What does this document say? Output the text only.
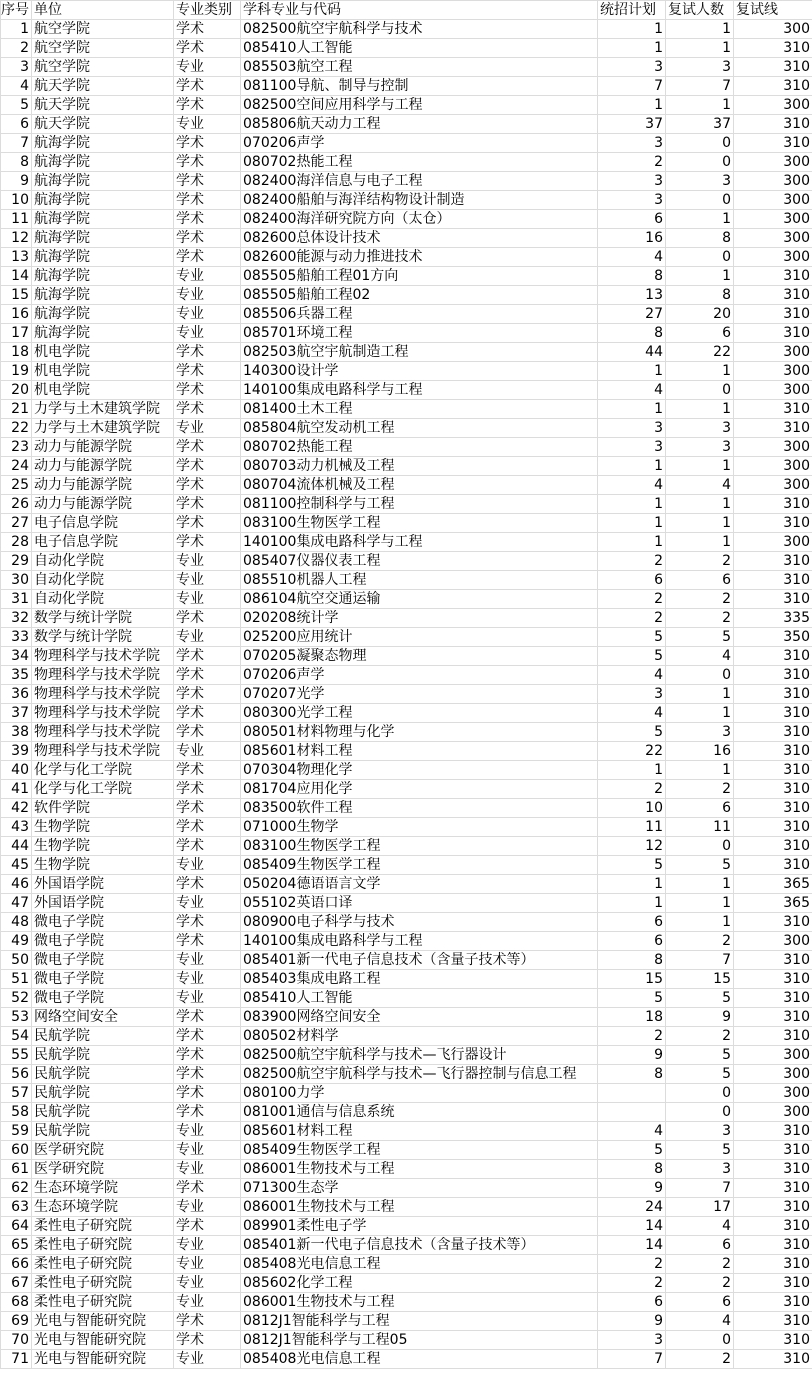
序号	单位	专业类别	学科专业与代码	统招计划	复试人数	复试线
1	航空学院	学术	082500航空宇航科学与技术	1	1	300
2	航空学院	学术	085410人工智能	1	1	310
3	航空学院	专业	085503航空工程	3	3	310
4	航天学院	学术	081100导航、制导与控制	7	7	310
5	航天学院	学术	082500空间应用科学与工程	1	1	300
6	航天学院	专业	085806航天动力工程	37	37	310
7	航海学院	学术	070206声学	3	0	310
8	航海学院	学术	080702热能工程	2	0	300
9	航海学院	学术	082400海洋信息与电子工程	3	3	300
10	航海学院	学术	082400船舶与海洋结构物设计制造	3	0	300
11	航海学院	学术	082400海洋研究院方向（太仓）	6	1	300
12	航海学院	学术	082600总体设计技术	16	8	300
13	航海学院	学术	082600能源与动力推进技术	4	0	300
14	航海学院	专业	085505船舶工程01方向	8	1	310
15	航海学院	专业	085505船舶工程02	13	8	310
16	航海学院	专业	085506兵器工程	27	20	310
17	航海学院	专业	085701环境工程	8	6	310
18	机电学院	学术	082503航空宇航制造工程	44	22	300
19	机电学院	学术	140300设计学	1	1	300
20	机电学院	学术	140100集成电路科学与工程	4	0	300
21	力学与土木建筑学院	学术	081400土木工程	1	1	310
22	力学与土木建筑学院	专业	085804航空发动机工程	3	3	310
23	动力与能源学院	学术	080702热能工程	3	3	300
24	动力与能源学院	学术	080703动力机械及工程	1	1	300
25	动力与能源学院	学术	080704流体机械及工程	4	4	300
26	动力与能源学院	学术	081100控制科学与工程	1	1	310
27	电子信息学院	学术	083100生物医学工程	1	1	310
28	电子信息学院	学术	140100集成电路科学与工程	1	1	300
29	自动化学院	专业	085407仪器仪表工程	2	2	310
30	自动化学院	专业	085510机器人工程	6	6	310
31	自动化学院	专业	086104航空交通运输	2	2	310
32	数学与统计学院	学术	020208统计学	2	2	335
33	数学与统计学院	专业	025200应用统计	5	5	350
34	物理科学与技术学院	学术	070205凝聚态物理	5	4	310
35	物理科学与技术学院	学术	070206声学	4	0	310
36	物理科学与技术学院	学术	070207光学	3	1	310
37	物理科学与技术学院	学术	080300光学工程	4	1	310
38	物理科学与技术学院	学术	080501材料物理与化学	5	3	310
39	物理科学与技术学院	专业	085601材料工程	22	16	310
40	化学与化工学院	学术	070304物理化学	1	1	310
41	化学与化工学院	学术	081704应用化学	2	2	310
42	软件学院	学术	083500软件工程	10	6	310
43	生物学院	学术	071000生物学	11	11	310
44	生物学院	学术	083100生物医学工程	12	0	310
45	生物学院	专业	085409生物医学工程	5	5	310
46	外国语学院	学术	050204德语语言文学	1	1	365
47	外国语学院	专业	055102英语口译	1	1	365
48	微电子学院	学术	080900电子科学与技术	6	1	310
49	微电子学院	学术	140100集成电路科学与工程	6	2	300
50	微电子学院	专业	085401新一代电子信息技术（含量子技术等）	8	7	310
51	微电子学院	专业	085403集成电路工程	15	15	310
52	微电子学院	专业	085410人工智能	5	5	310
53	网络空间安全	学术	083900网络空间安全	18	9	310
54	民航学院	学术	080502材料学	2	2	310
55	民航学院	学术	082500航空宇航科学与技术—飞行器设计	9	5	300
56	民航学院	学术	082500航空宇航科学与技术—飞行器控制与信息工程	8	5	300
57	民航学院	学术	080100力学		0	300
58	民航学院	学术	081001通信与信息系统		0	300
59	民航学院	专业	085601材料工程	4	3	310
60	医学研究院	专业	085409生物医学工程	5	5	310
61	医学研究院	专业	086001生物技术与工程	8	3	310
62	生态环境学院	学术	071300生态学	9	7	310
63	生态环境学院	专业	086001生物技术与工程	24	17	310
64	柔性电子研究院	学术	089901柔性电子学	14	4	310
65	柔性电子研究院	专业	085401新一代电子信息技术（含量子技术等）	14	6	310
66	柔性电子研究院	专业	085408光电信息工程	2	2	310
67	柔性电子研究院	专业	085602化学工程	2	2	310
68	柔性电子研究院	专业	086001生物技术与工程	6	6	310
69	光电与智能研究院	学术	0812J1智能科学与工程	9	4	310
70	光电与智能研究院	学术	0812J1智能科学与工程05	3	0	310
71	光电与智能研究院	专业	085408光电信息工程	7	2	310
